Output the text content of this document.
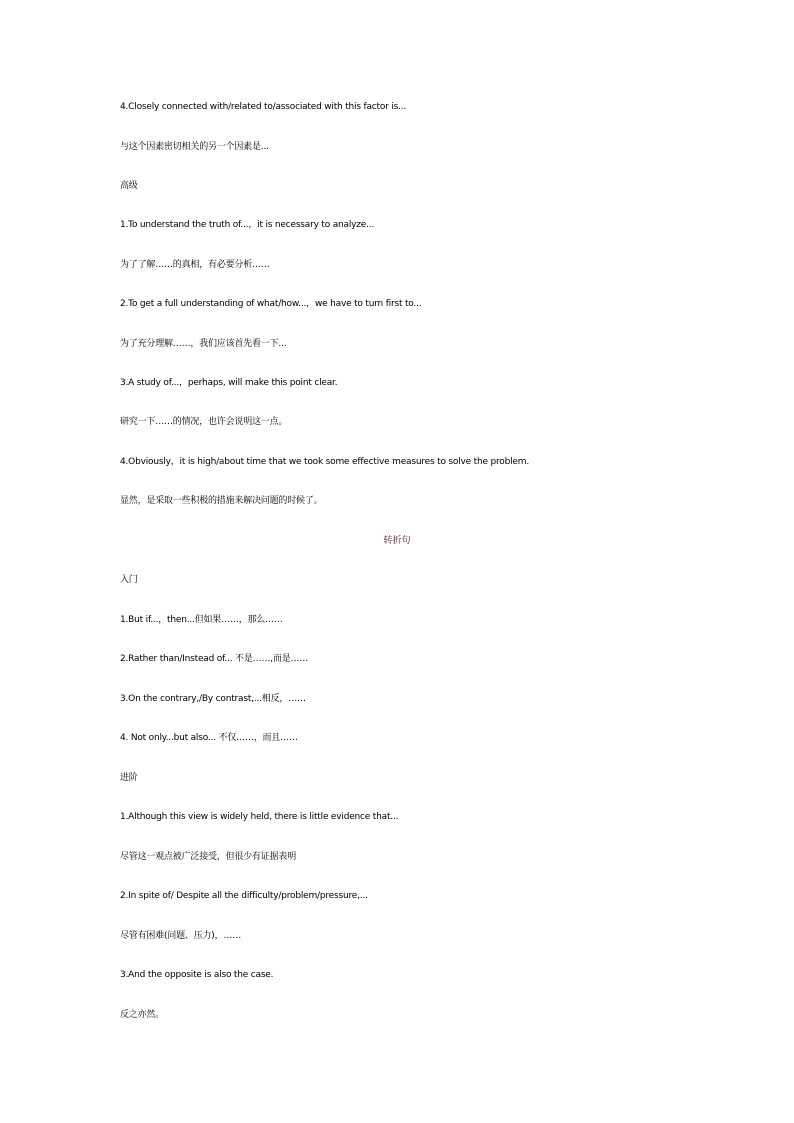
4.Closely connected with/related to/associated with this factor is...
与这个因素密切相关的另一个因素是...
高级
1.To understand the truth of...，it is necessary to analyze...
为了了解……的真相，有必要分析……
2.To get a full understanding of what/how...，we have to turn first to...
为了充分理解……，我们应该首先看一下...
3.A study of...，perhaps, will make this point clear.
研究一下……的情况，也许会说明这一点。
4.Obviously，it is high/about time that we took some effective measures to solve the problem.
显然，是采取一些积极的措施来解决问题的时候了。
转折句
入门
1.But if...，then...但如果……，那么……
2.Rather than/Instead of... 不是……,而是……
3.On the contrary,/By contrast,...相反，……
4. Not only...but also... 不仅……，而且……
进阶
1.Although this view is widely held, there is little evidence that...
尽管这一观点被广泛接受，但很少有证据表明
2.In spite of/ Despite all the difficulty/problem/pressure,...
尽管有困难(问题、压力)，……
3.And the opposite is also the case.
反之亦然。
